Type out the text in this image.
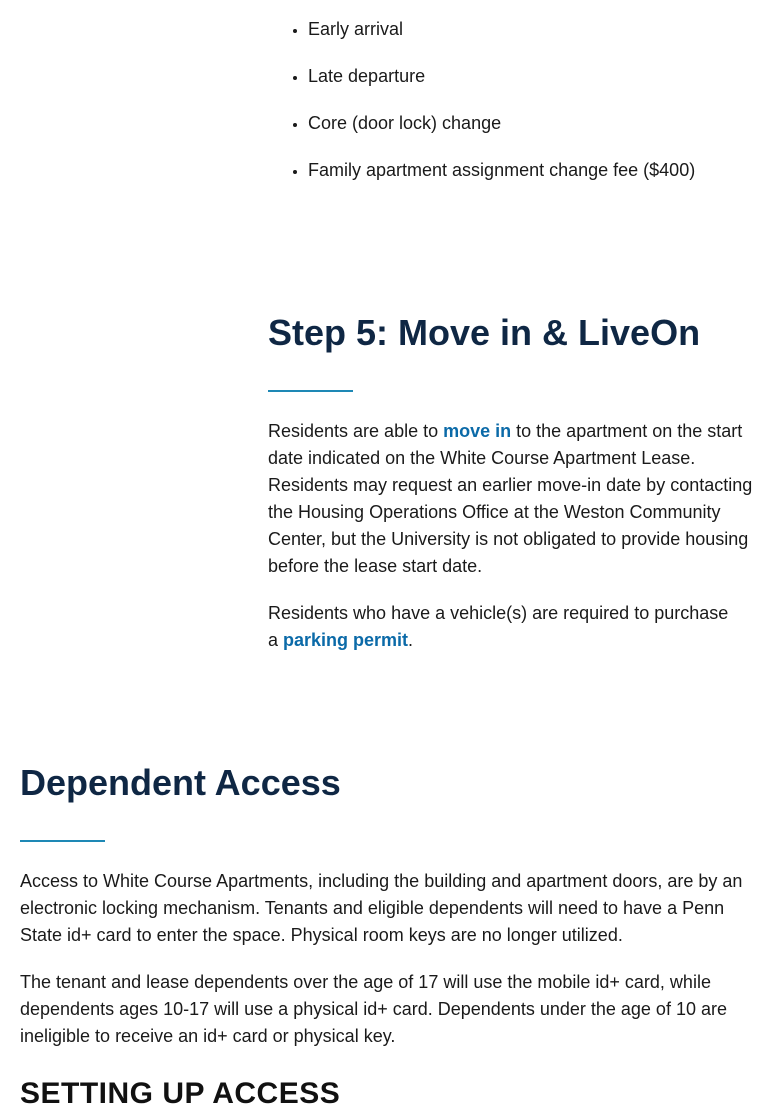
• Early arrival
• Late departure
• Core (door lock) change
• Family apartment assignment change fee ($400)
Step 5: Move in & LiveOn

Residents are able to move in to the apartment on the start date indicated on the White Course Apartment Lease. Residents may request an earlier move-in date by contacting the Housing Operations Office at the Weston Community Center, but the University is not obligated to provide housing before the lease start date.

Residents who have a vehicle(s) are required to purchase a parking permit.

Dependent Access

Access to White Course Apartments, including the building and apartment doors, are by an electronic locking mechanism. Tenants and eligible dependents will need to have a Penn State id+ card to enter the space. Physical room keys are no longer utilized.

The tenant and lease dependents over the age of 17 will use the mobile id+ card, while dependents ages 10-17 will use a physical id+ card. Dependents under the age of 10 are ineligible to receive an id+ card or physical key.

SETTING UP ACCESS
